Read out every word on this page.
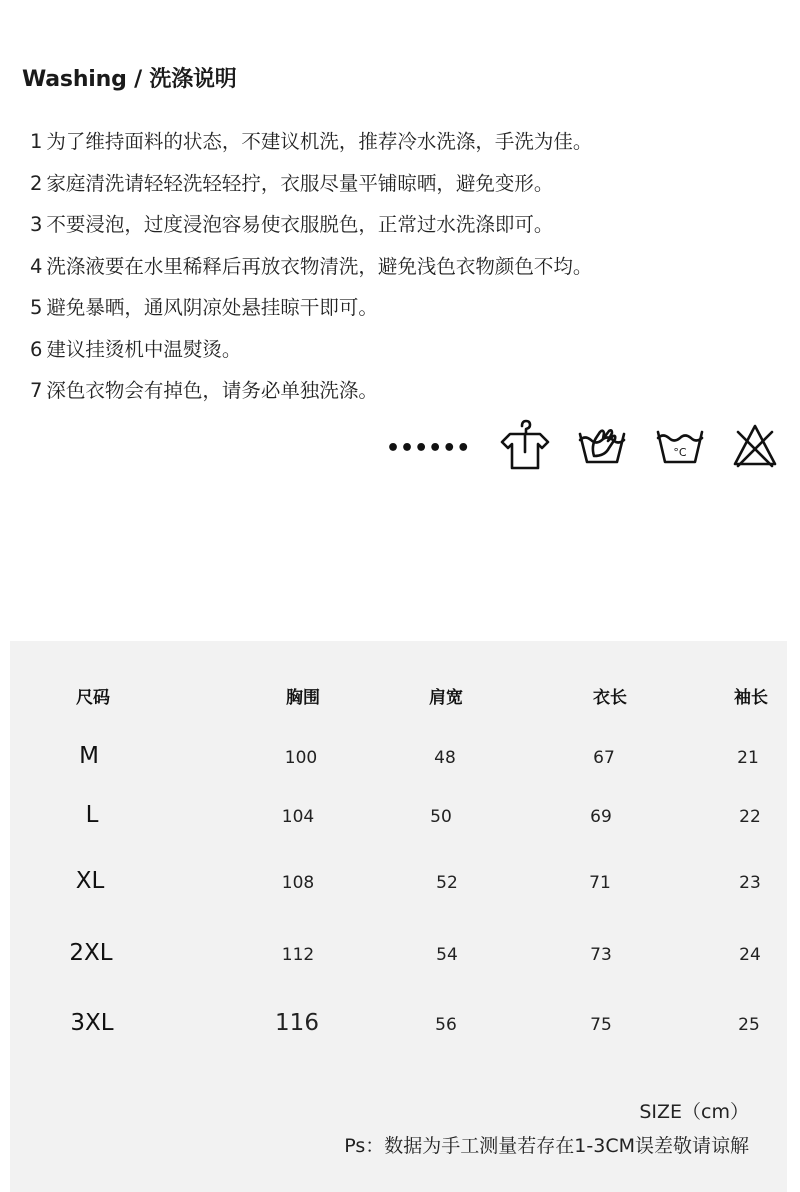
Washing / 洗涤说明
1 为了维持面料的状态，不建议机洗，推荐冷水洗涤，手洗为佳。
2 家庭清洗请轻轻洗轻轻拧，衣服尽量平铺晾晒，避免变形。
3 不要浸泡，过度浸泡容易使衣服脱色，正常过水洗涤即可。
4 洗涤液要在水里稀释后再放衣物清洗，避免浅色衣物颜色不均。
5 避免暴晒，通风阴凉处悬挂晾干即可。
6 建议挂烫机中温熨烫。
7 深色衣物会有掉色，请务必单独洗涤。
••••••	°C
尺码	胸围	肩宽	衣长	袖长
M	100	48	67	21
L	104	50	69	22
XL	108	52	71	23
2XL	112	54	73	24
3XL	116	56	75	25
SIZE（cm）
Ps：数据为手工测量若存在1-3CM误差敬请谅解
